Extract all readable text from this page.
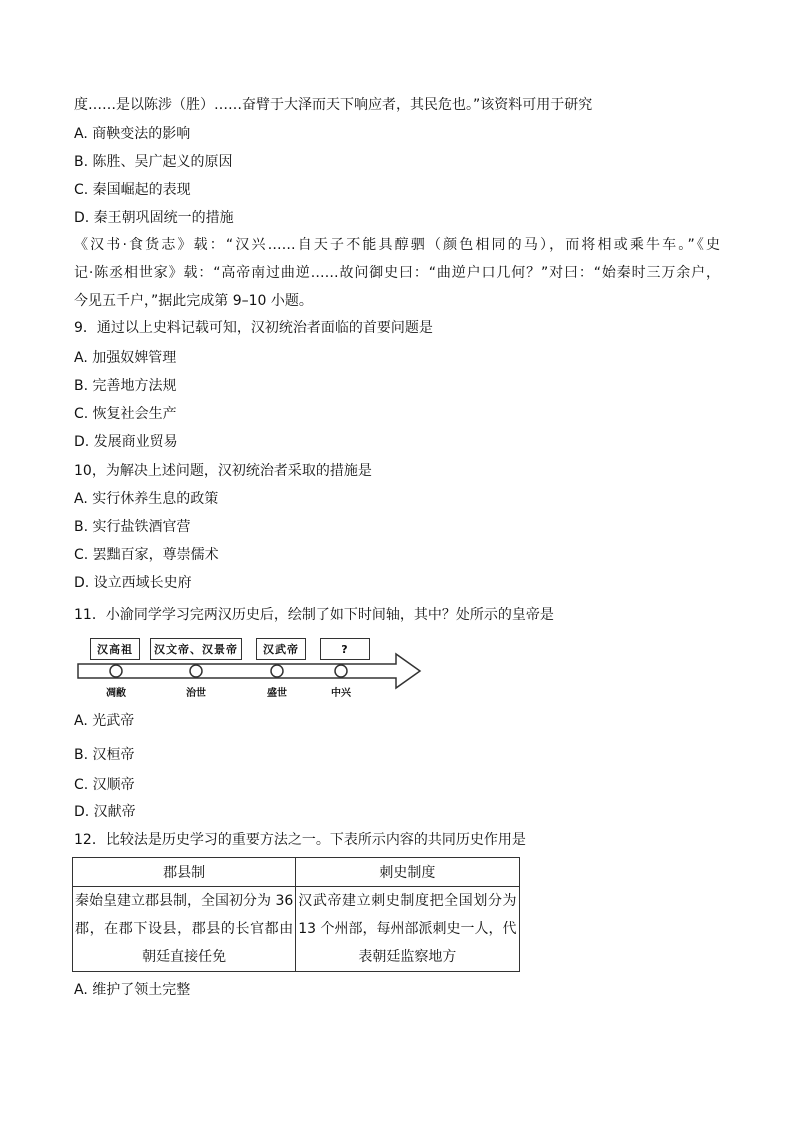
度……是以陈涉（胜）……奋臂于大泽而天下响应者，其民危也。”该资料可用于研究
A. 商鞅变法的影响
B. 陈胜、吴广起义的原因
C. 秦国崛起的表现
D. 秦王朝巩固统一的措施
《汉书·食货志》载：“汉兴……自天子不能具醇驷（颜色相同的马），而将相或乘牛车。”《史
记·陈丞相世家》载：“高帝南过曲逆……故问御史曰：“曲逆户口几何？”对曰：“始秦时三万余户，
今见五千户，”据此完成第 9–10 小题。
9．通过以上史料记载可知，汉初统治者面临的首要问题是
A. 加强奴婢管理
B. 完善地方法规
C. 恢复社会生产
D. 发展商业贸易
10，为解决上述问题，汉初统治者采取的措施是
A. 实行休养生息的政策
B. 实行盐铁酒官营
C. 罢黜百家，尊崇儒术
D. 设立西域长史府
11．小渝同学学习完两汉历史后，绘制了如下时间轴，其中？处所示的皇帝是
汉高祖	汉文帝、汉景帝	汉武帝	?
凋敝	治世	盛世	中兴
A. 光武帝
B. 汉桓帝
C. 汉顺帝
D. 汉献帝
12．比较法是历史学习的重要方法之一。下表所示内容的共同历史作用是
郡县制	刺史制度

秦始皇建立郡县制，全国初分为 36
郡，在郡下设县，郡县的长官都由
朝廷直接任免	汉武帝建立刺史制度把全国划分为
13 个州部，每州部派刺史一人，代
表朝廷监察地方
A. 维护了领土完整
